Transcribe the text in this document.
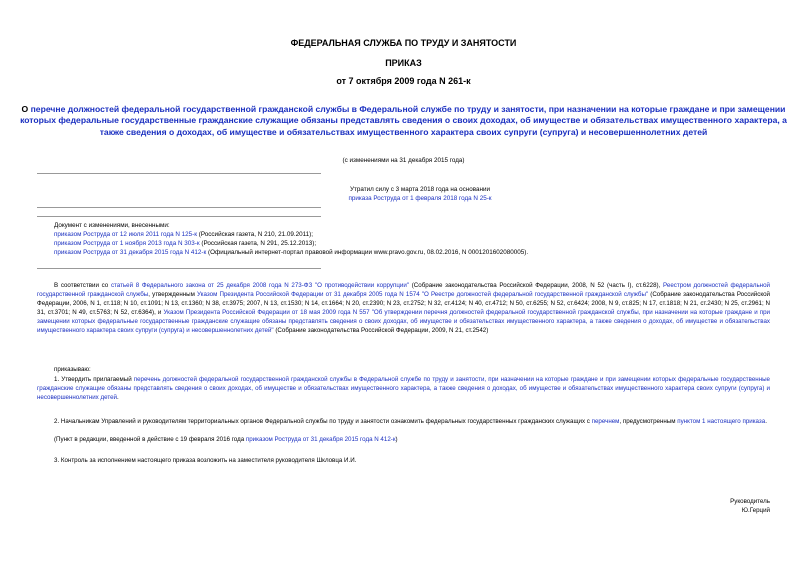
ФЕДЕРАЛЬНАЯ СЛУЖБА ПО ТРУДУ И ЗАНЯТОСТИ
ПРИКАЗ
от 7 октября 2009 года N 261-к
О перечне должностей федеральной государственной гражданской службы в Федеральной службе по труду и занятости, при назначении на которые граждане и при замещении которых федеральные государственные гражданские служащие обязаны представлять сведения о своих доходах, об имуществе и обязательствах имущественного характера, а также сведения о доходах, об имуществе и обязательствах имущественного характера своих супруги (супруга) и несовершеннолетних детей
(с изменениями на 31 декабря 2015 года)
Утратил силу с 3 марта 2018 года на основании
приказа Роструда от 1 февраля 2018 года N 25-к
Документ с изменениями, внесенными:
приказом Роструда от 12 июля 2011 года N 125-к (Российская газета, N 210, 21.09.2011);
приказом Роструда от 1 ноября 2013 года N 303-к (Российская газета, N 291, 25.12.2013);
приказом Роструда от 31 декабря 2015 года N 412-к (Официальный интернет-портал правовой информации www.pravo.gov.ru, 08.02.2016, N 0001201602080005).
В соответствии со статьей 8 Федерального закона от 25 декабря 2008 года N 273-ФЗ "О противодействии коррупции" (Собрание законодательства Российской Федерации, 2008, N 52 (часть I), ст.6228), Реестром должностей федеральной государственной гражданской службы, утвержденным Указом Президента Российской Федерации от 31 декабря 2005 года N 1574 "О Реестре должностей федеральной государственной гражданской службы" (Собрание законодательства Российской Федерации, 2006, N 1, ст.118; N 10, ст.1091; N 13, ст.1360; N 38, ст.3975; 2007, N 13, ст.1530; N 14, ст.1664; N 20, ст.2390; N 23, ст.2752; N 32, ст.4124; N 40, ст.4712; N 50, ст.6255; N 52, ст.6424; 2008, N 9, ст.825; N 17, ст.1818; N 21, ст.2430; N 25, ст.2961; N 31, ст.3701; N 49, ст.5763; N 52, ст.6364), и Указом Президента Российской Федерации от 18 мая 2009 года N 557 "Об утверждении перечня должностей федеральной государственной гражданской службы, при назначении на которые граждане и при замещении которых федеральные государственные гражданские служащие обязаны представлять сведения о своих доходах, об имуществе и обязательствах имущественного характера, а также сведения о доходах, об имуществе и обязательствах имущественного характера своих супруги (супруга) и несовершеннолетних детей" (Собрание законодательства Российской Федерации, 2009, N 21, ст.2542)
приказываю:
1. Утвердить прилагаемый перечень должностей федеральной государственной гражданской службы в Федеральной службе по труду и занятости, при назначении на которые граждане и при замещении которых федеральные государственные гражданские служащие обязаны представлять сведения о своих доходах, об имуществе и обязательствах имущественного характера, а также сведения о доходах, об имуществе и обязательствах имущественного характера своих супруги (супруга) и несовершеннолетних детей.
2. Начальникам Управлений и руководителям территориальных органов Федеральной службы по труду и занятости ознакомить федеральных государственных гражданских служащих с перечнем, предусмотренным пунктом 1 настоящего приказа.
(Пункт в редакции, введенной в действие с 19 февраля 2016 года приказом Роструда от 31 декабря 2015 года N 412-к)
3. Контроль за исполнением настоящего приказа возложить на заместителя руководителя Шкловца И.И.
Руководитель
Ю.Герций
